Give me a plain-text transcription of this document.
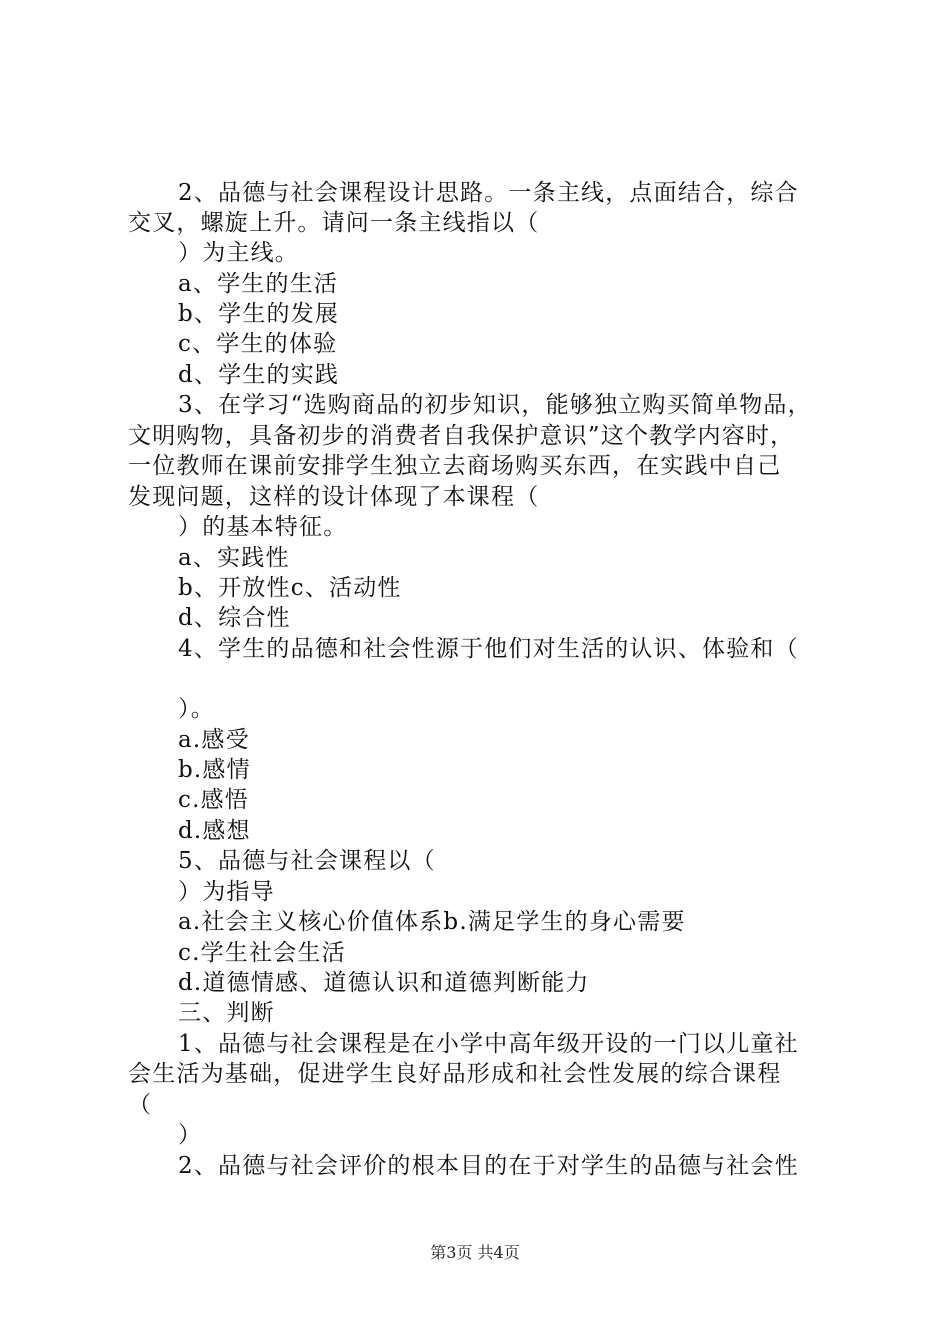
2、品德与社会课程设计思路。一条主线，点面结合，综合
交叉，螺旋上升。请问一条主线指以（
）为主线。
a、学生的生活
b、学生的发展
c、学生的体验
d、学生的实践
3、在学习“选购商品的初步知识，能够独立购买简单物品，
文明购物，具备初步的消费者自我保护意识”这个教学内容时，
一位教师在课前安排学生独立去商场购买东西，在实践中自己
发现问题，这样的设计体现了本课程（
）的基本特征。
a、实践性
b、开放性c、活动性
d、综合性
4、学生的品德和社会性源于他们对生活的认识、体验和（
）。
a.感受
b.感情
c.感悟
d.感想
5、品德与社会课程以（
）为指导
a.社会主义核心价值体系b.满足学生的身心需要
c.学生社会生活
d.道德情感、道德认识和道德判断能力
三、判断
1、品德与社会课程是在小学中高年级开设的一门以儿童社
会生活为基础，促进学生良好品形成和社会性发展的综合课程
（
）
2、品德与社会评价的根本目的在于对学生的品德与社会性
第3页 共4页
